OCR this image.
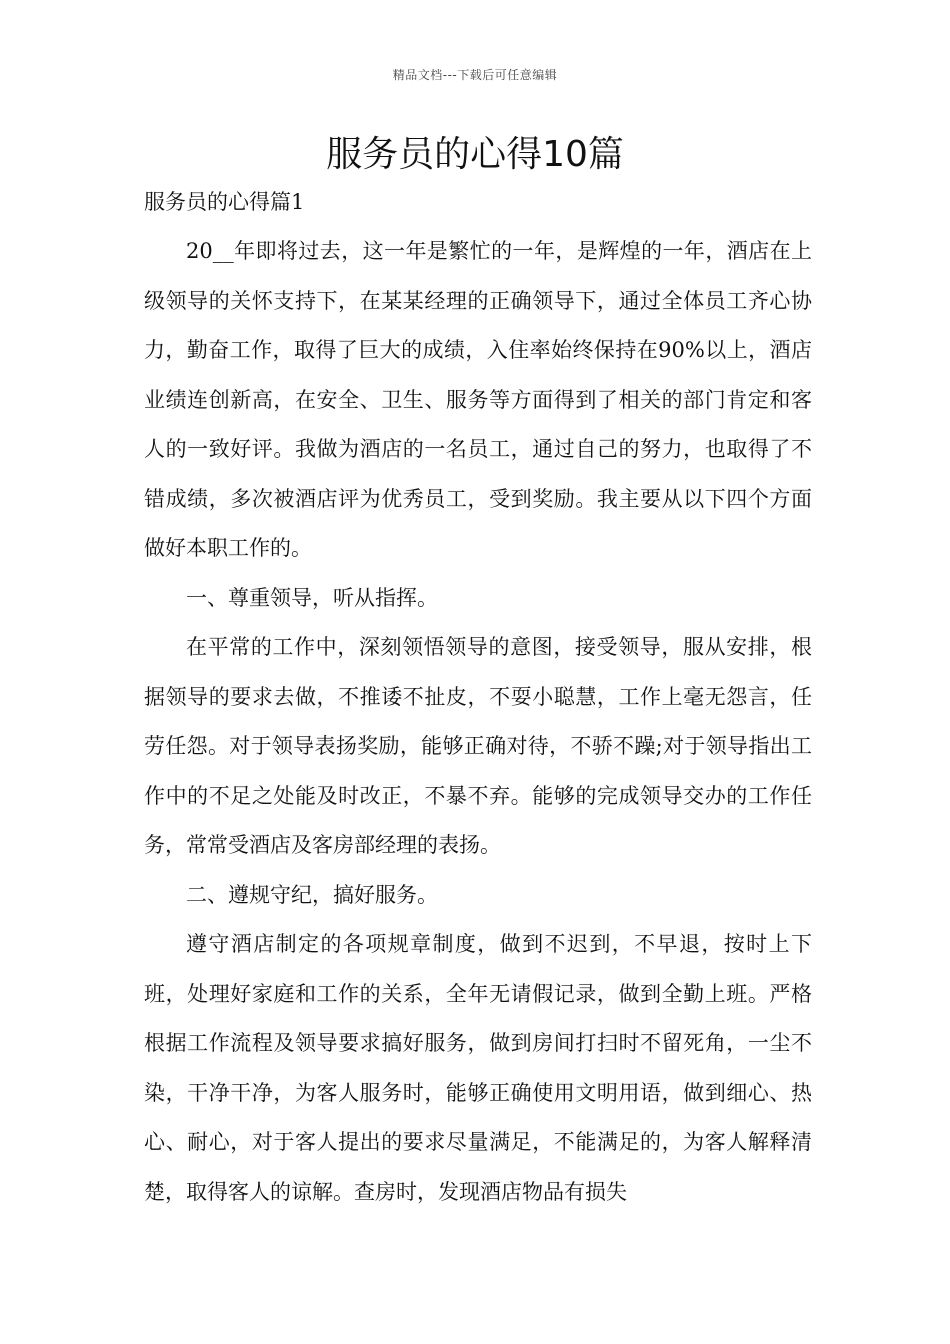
精品文档---下载后可任意编辑
服务员的心得10篇
服务员的心得篇1

20__年即将过去，这一年是繁忙的一年，是辉煌的一年，酒店在上级领导的关怀支持下，在某某经理的正确领导下，通过全体员工齐心协力，勤奋工作，取得了巨大的成绩，入住率始终保持在90%以上，酒店业绩连创新高，在安全、卫生、服务等方面得到了相关的部门肯定和客人的一致好评。我做为酒店的一名员工，通过自己的努力，也取得了不错成绩，多次被酒店评为优秀员工，受到奖励。我主要从以下四个方面做好本职工作的。

一、尊重领导，听从指挥。

在平常的工作中，深刻领悟领导的意图，接受领导，服从安排，根据领导的要求去做，不推诿不扯皮，不耍小聪慧，工作上毫无怨言，任劳任怨。对于领导表扬奖励，能够正确对待，不骄不躁;对于领导指出工作中的不足之处能及时改正，不暴不弃。能够的完成领导交办的工作任务，常常受酒店及客房部经理的表扬。

二、遵规守纪，搞好服务。

遵守酒店制定的各项规章制度，做到不迟到，不早退，按时上下班，处理好家庭和工作的关系，全年无请假记录，做到全勤上班。严格根据工作流程及领导要求搞好服务，做到房间打扫时不留死角，一尘不染，干净干净，为客人服务时，能够正确使用文明用语，做到细心、热心、耐心，对于客人提出的要求尽量满足，不能满足的，为客人解释清楚，取得客人的谅解。查房时，发现酒店物品有损失
